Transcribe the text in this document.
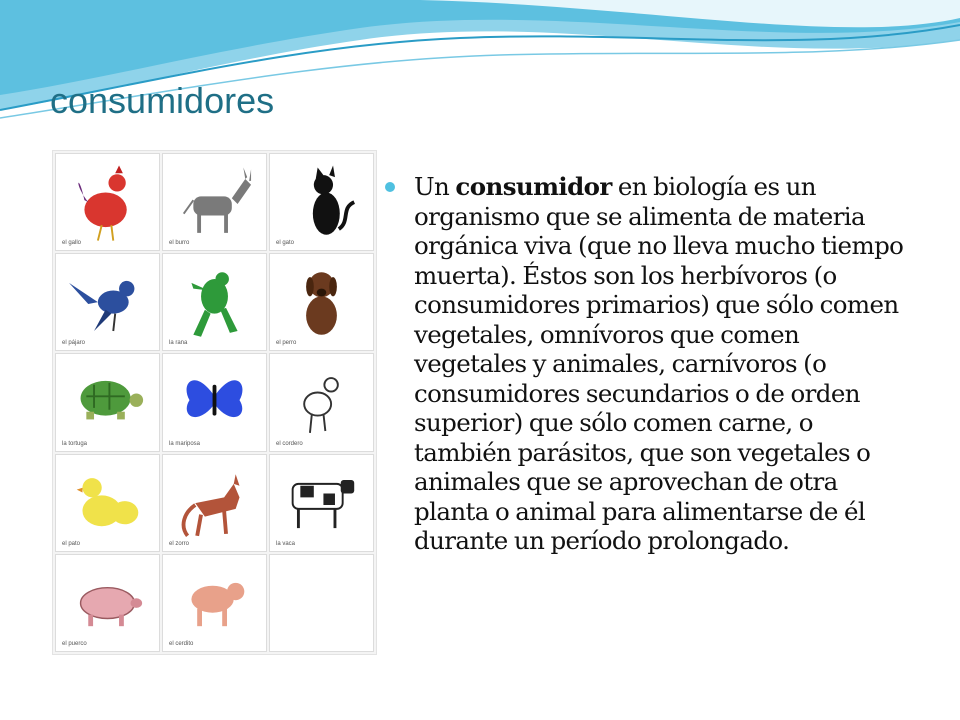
consumidores
el gallo	el burro	el gato
el pájaro	la rana	el perro
la tortuga	la mariposa	el cordero
el pato	el zorro	la vaca
el puerco	el cerdito

Un consumidor en biología es un organismo que se alimenta de materia orgánica viva (que no lleva mucho tiempo muerta). Éstos son los herbívoros (o consumidores primarios) que sólo comen vegetales, omnívoros que comen vegetales y animales, carnívoros (o consumidores secundarios o de orden superior) que sólo comen carne, o también parásitos, que son vegetales o animales que se aprovechan de otra planta o animal para alimentarse de él durante un período prolongado.
